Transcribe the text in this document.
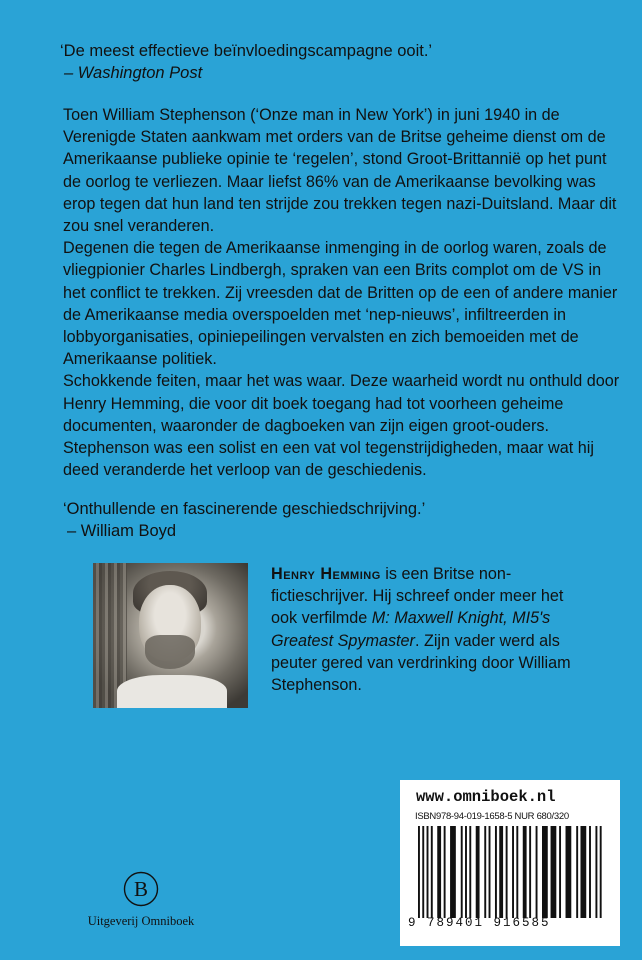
‘De meest effectieve beïnvloedingscampagne ooit.’
– Washington Post

Toen William Stephenson (‘Onze man in New York’) in juni 1940 in de Verenigde Staten aankwam met orders van de Britse geheime dienst om de Amerikaanse publieke opinie te ‘regelen’, stond Groot-Brittannië op het punt de oorlog te verliezen. Maar liefst 86% van de Amerikaanse bevolking was erop tegen dat hun land ten strijde zou trekken tegen nazi-Duitsland. Maar dit zou snel veranderen.

Degenen die tegen de Amerikaanse inmenging in de oorlog waren, zoals de vliegpionier Charles Lindbergh, spraken van een Brits complot om de VS in het conflict te trekken. Zij vreesden dat de Britten op de een of andere manier de Amerikaanse media overspoelden met ‘nep-nieuws’, infiltreerden in lobbyorganisaties, opiniepeilingen vervalsten en zich bemoeiden met de Amerikaanse politiek.

Schokkende feiten, maar het was waar. Deze waarheid wordt nu onthuld door Henry Hemming, die voor dit boek toegang had tot voorheen geheime documenten, waaronder de dagboeken van zijn eigen groot-ouders. Stephenson was een solist en een vat vol tegenstrijdigheden, maar wat hij deed veranderde het verloop van de geschiedenis.

‘Onthullende en fascinerende geschiedschrijving.’
– William Boyd
Henry Hemming is een Britse non-fictieschrijver. Hij schreef onder meer het ook verfilmde M: Maxwell Knight, MI5's Greatest Spymaster. Zijn vader werd als peuter gered van verdrinking door William Stephenson.
B
Uitgeverij Omniboek
www.omniboek.nl
ISBN978-94-019-1658-5 NUR 680/320
9 789401 916585
